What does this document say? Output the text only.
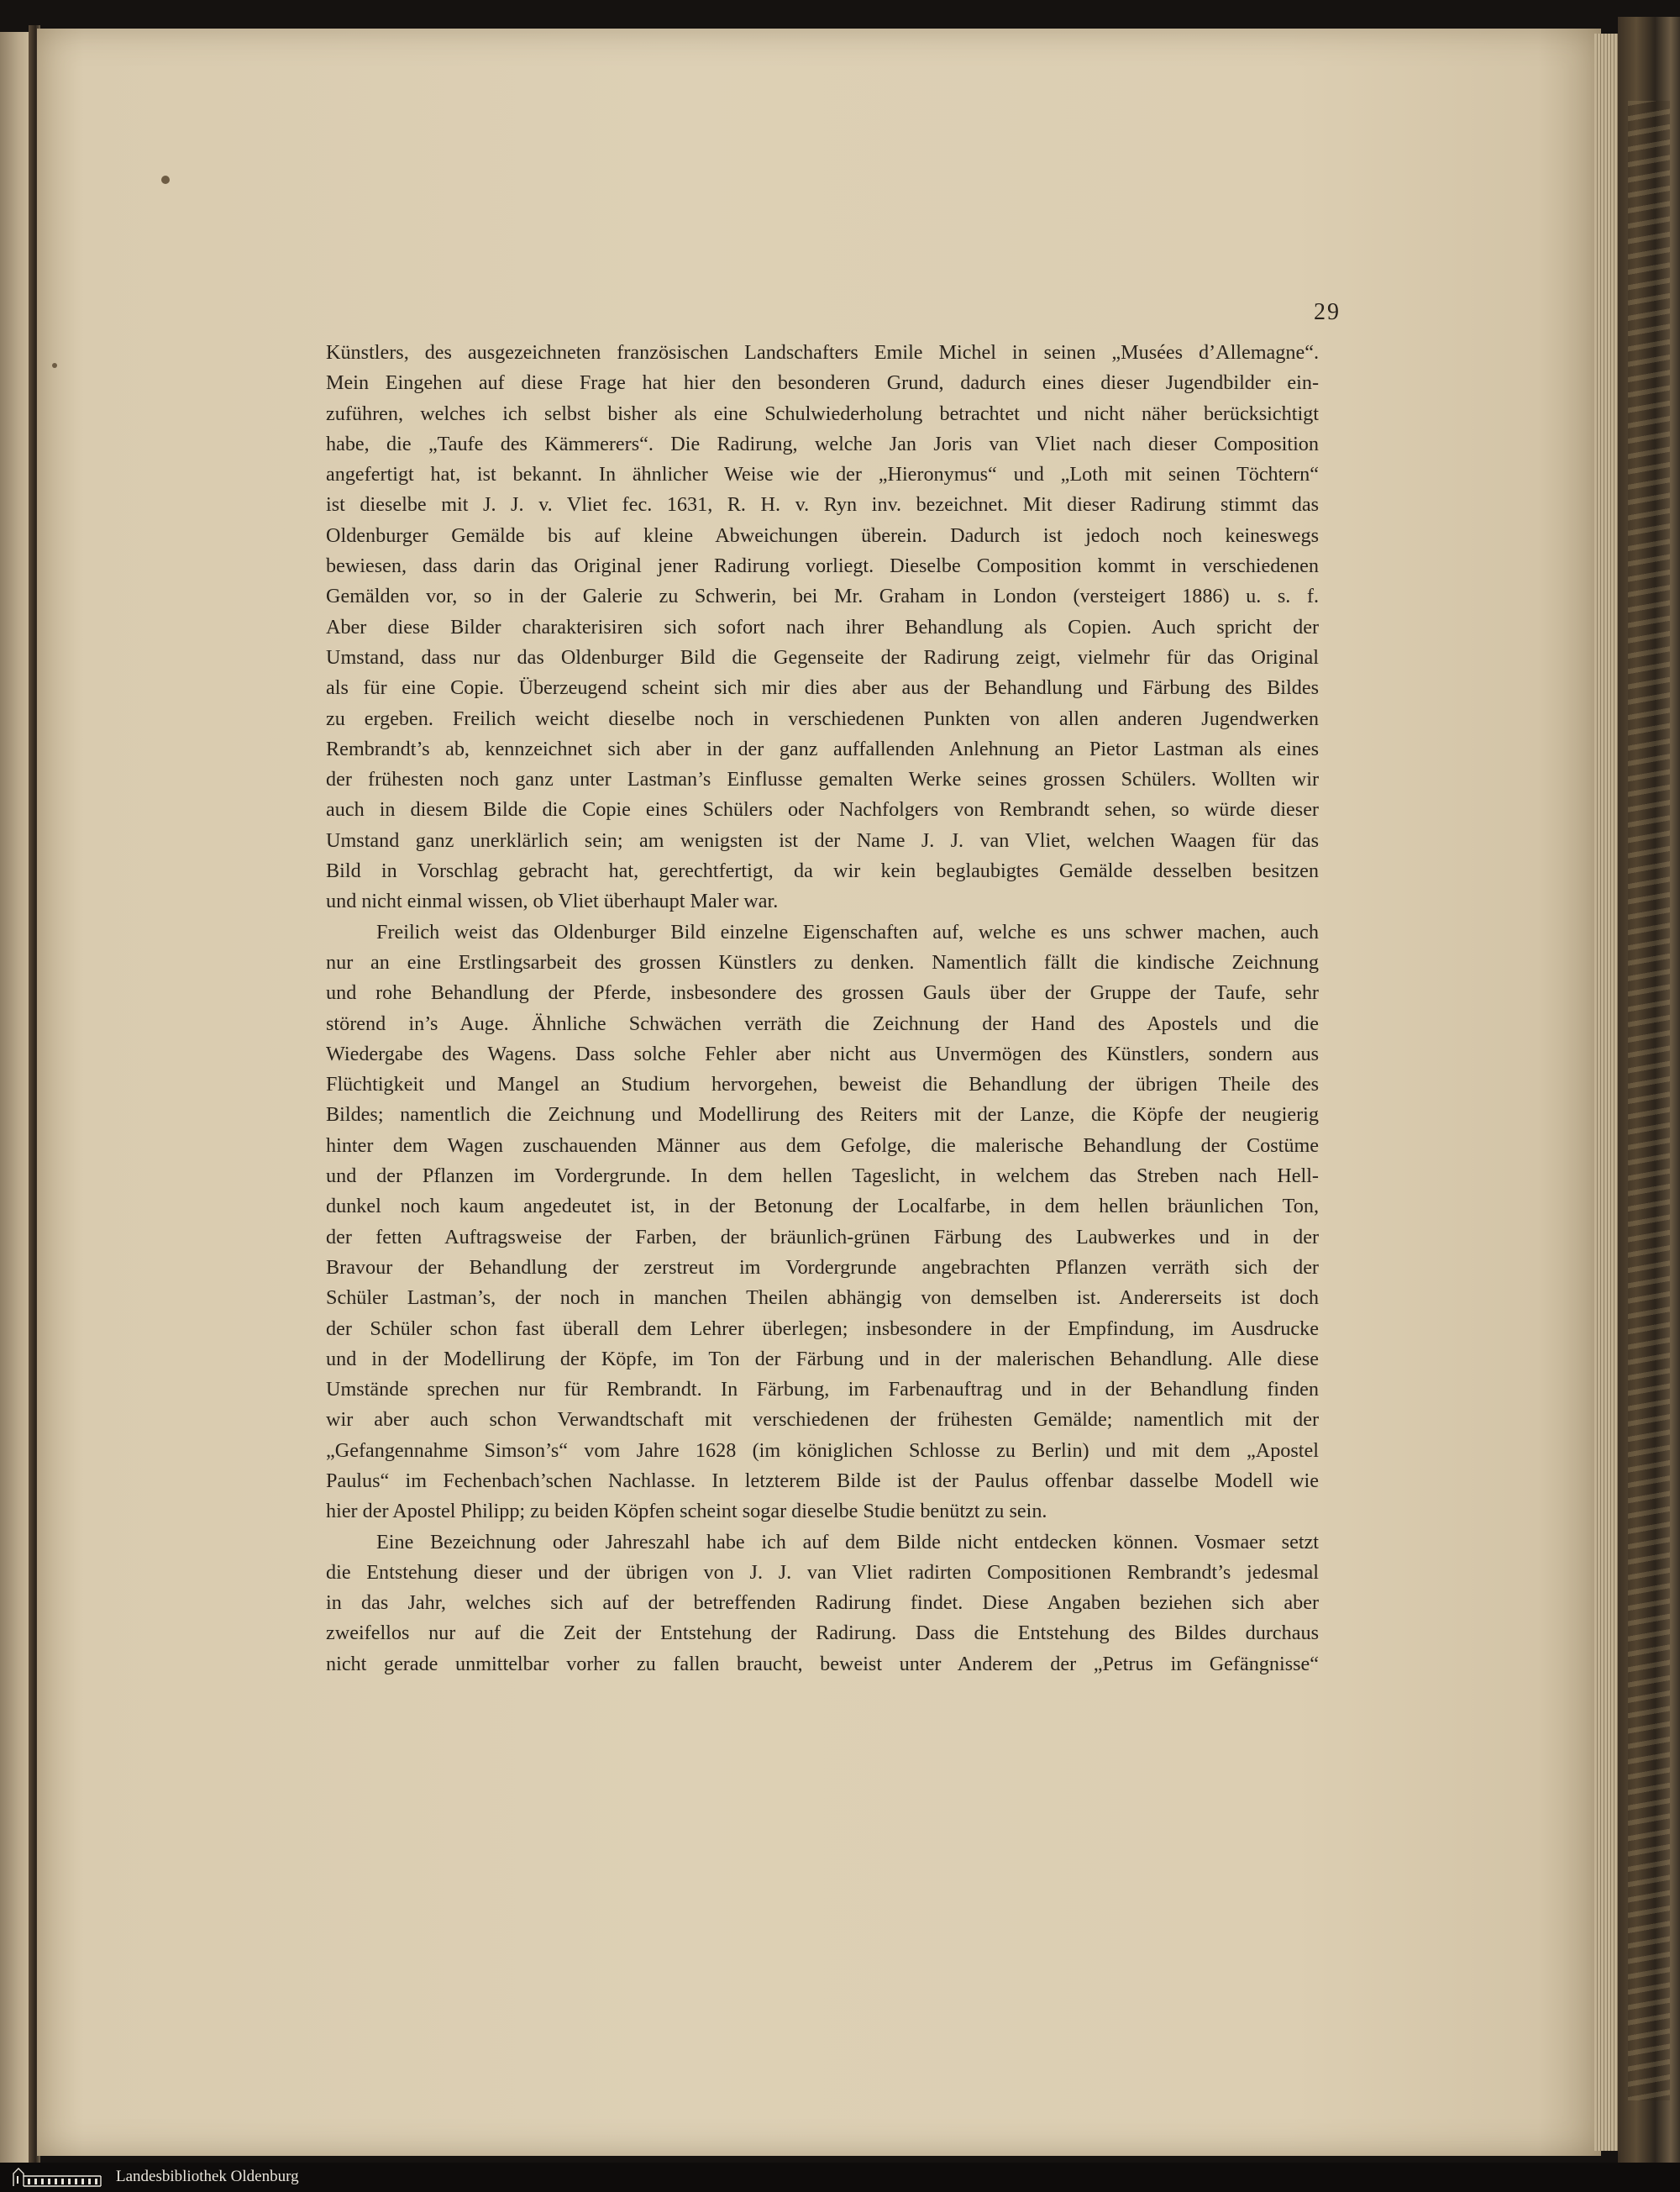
29
Künstlers, des ausgezeichneten französischen Landschafters Emile Michel in seinen „Musées d’Allemagne“.
Mein Eingehen auf diese Frage hat hier den besonderen Grund, dadurch eines dieser Jugendbilder ein-
zuführen, welches ich selbst bisher als eine Schulwiederholung betrachtet und nicht näher berücksichtigt
habe, die „Taufe des Kämmerers“. Die Radirung, welche Jan Joris van Vliet nach dieser Composition
angefertigt hat, ist bekannt. In ähnlicher Weise wie der „Hieronymus“ und „Loth mit seinen Töchtern“
ist dieselbe mit J. J. v. Vliet fec. 1631, R. H. v. Ryn inv. bezeichnet. Mit dieser Radirung stimmt das
Oldenburger Gemälde bis auf kleine Abweichungen überein. Dadurch ist jedoch noch keineswegs
bewiesen, dass darin das Original jener Radirung vorliegt. Dieselbe Composition kommt in verschiedenen
Gemälden vor, so in der Galerie zu Schwerin, bei Mr. Graham in London (versteigert 1886) u. s. f.
Aber diese Bilder charakterisiren sich sofort nach ihrer Behandlung als Copien. Auch spricht der
Umstand, dass nur das Oldenburger Bild die Gegenseite der Radirung zeigt, vielmehr für das Original
als für eine Copie. Überzeugend scheint sich mir dies aber aus der Behandlung und Färbung des Bildes
zu ergeben. Freilich weicht dieselbe noch in verschiedenen Punkten von allen anderen Jugendwerken
Rembrandt’s ab, kennzeichnet sich aber in der ganz auffallenden Anlehnung an Pietor Lastman als eines
der frühesten noch ganz unter Lastman’s Einflusse gemalten Werke seines grossen Schülers. Wollten wir
auch in diesem Bilde die Copie eines Schülers oder Nachfolgers von Rembrandt sehen, so würde dieser
Umstand ganz unerklärlich sein; am wenigsten ist der Name J. J. van Vliet, welchen Waagen für das
Bild in Vorschlag gebracht hat, gerechtfertigt, da wir kein beglaubigtes Gemälde desselben besitzen
und nicht einmal wissen, ob Vliet überhaupt Maler war.
Freilich weist das Oldenburger Bild einzelne Eigenschaften auf, welche es uns schwer machen, auch
nur an eine Erstlingsarbeit des grossen Künstlers zu denken. Namentlich fällt die kindische Zeichnung
und rohe Behandlung der Pferde, insbesondere des grossen Gauls über der Gruppe der Taufe, sehr
störend in’s Auge. Ähnliche Schwächen verräth die Zeichnung der Hand des Apostels und die
Wiedergabe des Wagens. Dass solche Fehler aber nicht aus Unvermögen des Künstlers, sondern aus
Flüchtigkeit und Mangel an Studium hervorgehen, beweist die Behandlung der übrigen Theile des
Bildes; namentlich die Zeichnung und Modellirung des Reiters mit der Lanze, die Köpfe der neugierig
hinter dem Wagen zuschauenden Männer aus dem Gefolge, die malerische Behandlung der Costüme
und der Pflanzen im Vordergrunde. In dem hellen Tageslicht, in welchem das Streben nach Hell-
dunkel noch kaum angedeutet ist, in der Betonung der Localfarbe, in dem hellen bräunlichen Ton,
der fetten Auftragsweise der Farben, der bräunlich-grünen Färbung des Laubwerkes und in der
Bravour der Behandlung der zerstreut im Vordergrunde angebrachten Pflanzen verräth sich der
Schüler Lastman’s, der noch in manchen Theilen abhängig von demselben ist. Andererseits ist doch
der Schüler schon fast überall dem Lehrer überlegen; insbesondere in der Empfindung, im Ausdrucke
und in der Modellirung der Köpfe, im Ton der Färbung und in der malerischen Behandlung. Alle diese
Umstände sprechen nur für Rembrandt. In Färbung, im Farbenauftrag und in der Behandlung finden
wir aber auch schon Verwandtschaft mit verschiedenen der frühesten Gemälde; namentlich mit der
„Gefangennahme Simson’s“ vom Jahre 1628 (im königlichen Schlosse zu Berlin) und mit dem „Apostel
Paulus“ im Fechenbach’schen Nachlasse. In letzterem Bilde ist der Paulus offenbar dasselbe Modell wie
hier der Apostel Philipp; zu beiden Köpfen scheint sogar dieselbe Studie benützt zu sein.
Eine Bezeichnung oder Jahreszahl habe ich auf dem Bilde nicht entdecken können. Vosmaer setzt
die Entstehung dieser und der übrigen von J. J. van Vliet radirten Compositionen Rembrandt’s jedesmal
in das Jahr, welches sich auf der betreffenden Radirung findet. Diese Angaben beziehen sich aber
zweifellos nur auf die Zeit der Entstehung der Radirung. Dass die Entstehung des Bildes durchaus
nicht gerade unmittelbar vorher zu fallen braucht, beweist unter Anderem der „Petrus im Gefängnisse“
Landesbibliothek Oldenburg
